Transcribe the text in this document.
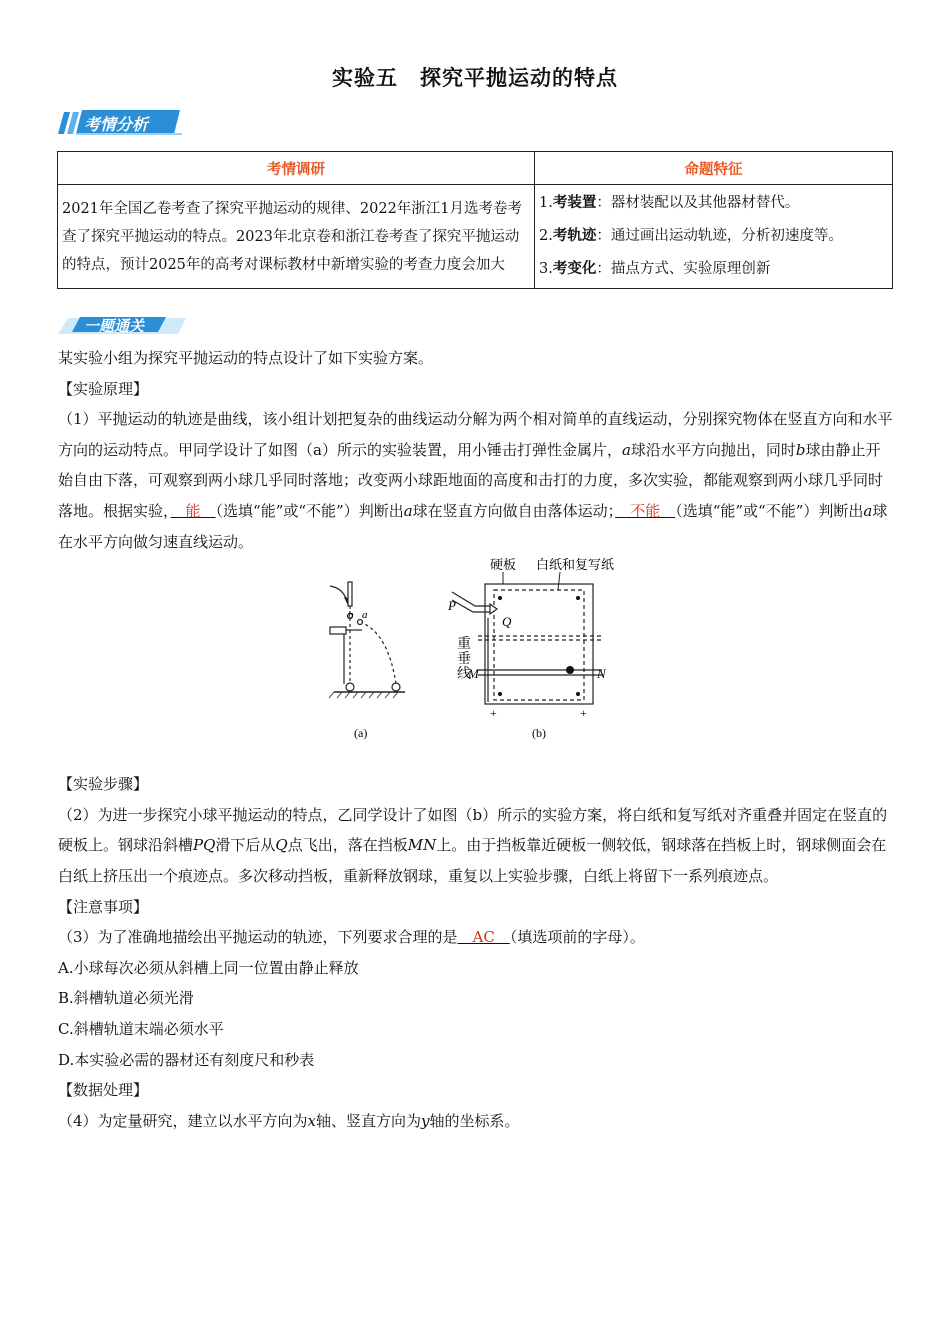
实验五　探究平抛运动的特点
考情分析
考情调研	命题特征
2021年全国乙卷考查了探究平抛运动的规律、2022年浙江1月选考卷考查了探究平抛运动的特点。2023年北京卷和浙江卷考查了探究平抛运动的特点，预计2025年的高考对课标教材中新增实验的考查力度会加大	1.考装置：器材装配以及其他器材替代。
2.考轨迹：通过画出运动轨迹，分析初速度等。
3.考变化：描点方式、实验原理创新
一题通关

某实验小组为探究平抛运动的特点设计了如下实验方案。

【实验原理】

（1）平抛运动的轨迹是曲线，该小组计划把复杂的曲线运动分解为两个相对简单的直线运动，分别探究物体在竖直方向和水平方向的运动特点。甲同学设计了如图（a）所示的实验装置，用小锤击打弹性金属片，a球沿水平方向抛出，同时b球由静止开始自由下落，可观察到两小球几乎同时落地；改变两小球距地面的高度和击打的力度，多次实验，都能观察到两小球几乎同时落地。根据实验，　能　（选填“能”或“不能”）判断出a球在竖直方向做自由落体运动；　不能　（选填“能”或“不能”）判断出a球在水平方向做匀速直线运动。

【实验步骤】

（2）为进一步探究小球平抛运动的特点，乙同学设计了如图（b）所示的实验方案，将白纸和复写纸对齐重叠并固定在竖直的硬板上。钢球沿斜槽PQ滑下后从Q点飞出，落在挡板MN上。由于挡板靠近硬板一侧较低，钢球落在挡板上时，钢球侧面会在白纸上挤压出一个痕迹点。多次移动挡板，重新释放钢球，重复以上实验步骤，白纸上将留下一系列痕迹点。

【注意事项】

（3）为了准确地描绘出平抛运动的轨迹，下列要求合理的是　AC　（填选项前的字母）。

A.小球每次必须从斜槽上同一位置由静止释放

B.斜槽轨道必须光滑

C.斜槽轨道末端必须水平

D.本实验必需的器材还有刻度尺和秒表

【数据处理】

（4）为定量研究，建立以水平方向为x轴、竖直方向为y轴的坐标系。

b a
(a)
硬板 白纸和复写纸
P
Q
重
垂
线
M	N
+	+
(b)
